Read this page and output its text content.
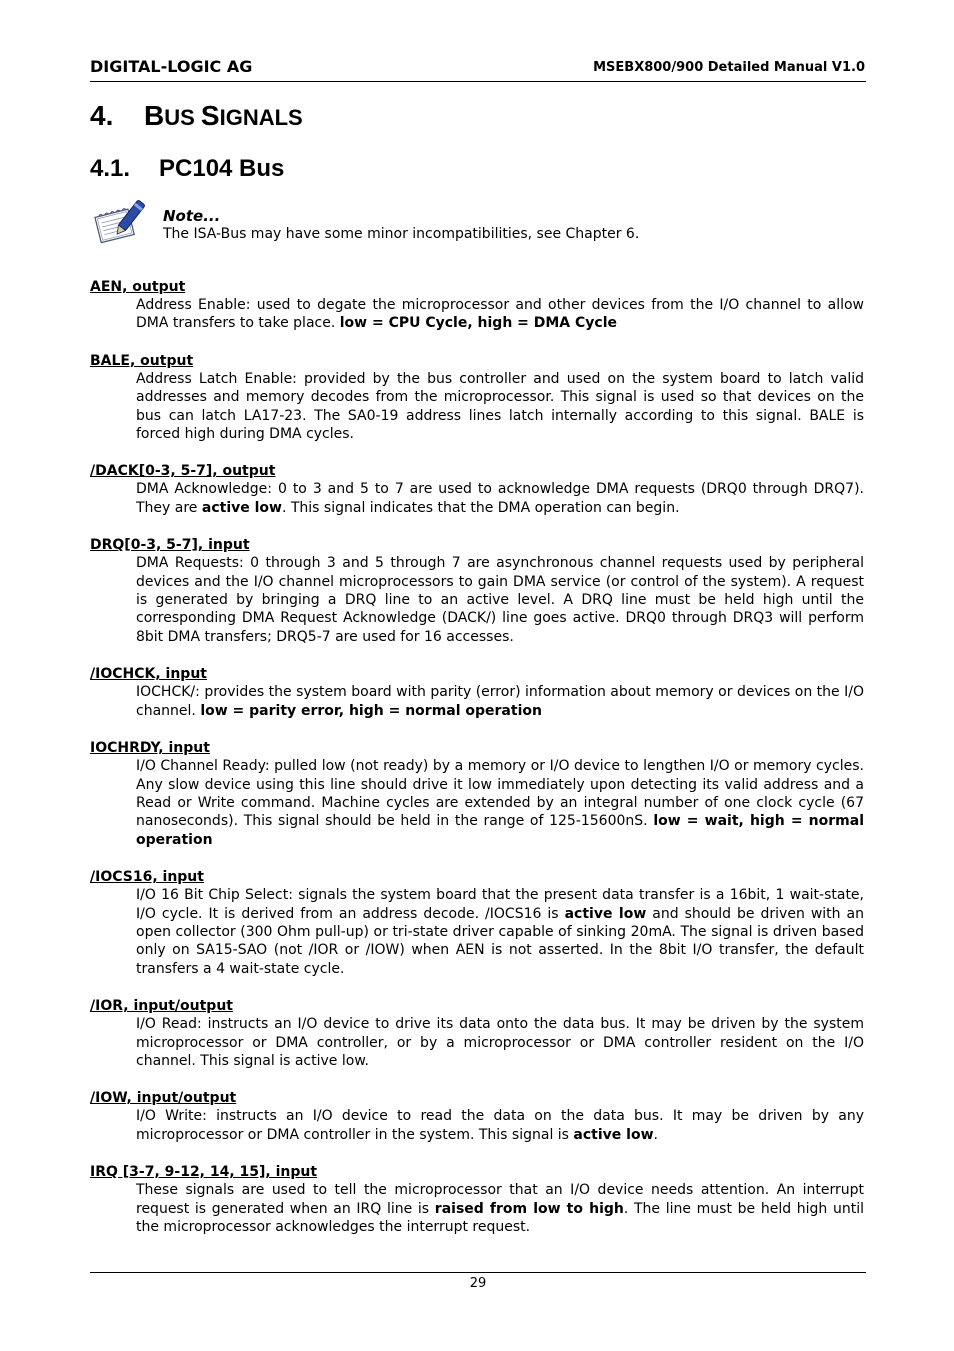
DIGITAL-LOGIC AG	MSEBX800/900 Detailed Manual V1.0
4. BUS SIGNALS
4.1. PC104 Bus
Note...
The ISA-Bus may have some minor incompatibilities, see Chapter 6.
AEN, output
Address Enable: used to degate the microprocessor and other devices from the I/O channel to allow DMA transfers to take place. low = CPU Cycle, high = DMA Cycle
BALE, output
Address Latch Enable: provided by the bus controller and used on the system board to latch valid addresses and memory decodes from the microprocessor. This signal is used so that devices on the bus can latch LA17-23. The SA0-19 address lines latch internally according to this signal. BALE is forced high during DMA cycles.
/DACK[0-3, 5-7], output
DMA Acknowledge: 0 to 3 and 5 to 7 are used to acknowledge DMA requests (DRQ0 through DRQ7). They are active low. This signal indicates that the DMA operation can begin.
DRQ[0-3, 5-7], input
DMA Requests: 0 through 3 and 5 through 7 are asynchronous channel requests used by peripheral devices and the I/O channel microprocessors to gain DMA service (or control of the system). A request is generated by bringing a DRQ line to an active level. A DRQ line must be held high until the corresponding DMA Request Acknowledge (DACK/) line goes active. DRQ0 through DRQ3 will perform 8bit DMA transfers; DRQ5-7 are used for 16 accesses.
/IOCHCK, input
IOCHCK/: provides the system board with parity (error) information about memory or devices on the I/O channel. low = parity error, high = normal operation
IOCHRDY, input
I/O Channel Ready: pulled low (not ready) by a memory or I/O device to lengthen I/O or memory cycles. Any slow device using this line should drive it low immediately upon detecting its valid address and a Read or Write command. Machine cycles are extended by an integral number of one clock cycle (67 nanoseconds). This signal should be held in the range of 125-15600nS. low = wait, high = normal operation
/IOCS16, input
I/O 16 Bit Chip Select: signals the system board that the present data transfer is a 16bit, 1 wait-state, I/O cycle. It is derived from an address decode. /IOCS16 is active low and should be driven with an open collector (300 Ohm pull-up) or tri-state driver capable of sinking 20mA. The signal is driven based only on SA15-SAO (not /IOR or /IOW) when AEN is not asserted. In the 8bit I/O transfer, the default transfers a 4 wait-state cycle.
/IOR, input/output
I/O Read: instructs an I/O device to drive its data onto the data bus. It may be driven by the system microprocessor or DMA controller, or by a microprocessor or DMA controller resident on the I/O channel. This signal is active low.
/IOW, input/output
I/O Write: instructs an I/O device to read the data on the data bus. It may be driven by any microprocessor or DMA controller in the system. This signal is active low.
IRQ [3-7, 9-12, 14, 15], input
These signals are used to tell the microprocessor that an I/O device needs attention. An interrupt request is generated when an IRQ line is raised from low to high. The line must be held high until the microprocessor acknowledges the interrupt request.
29
